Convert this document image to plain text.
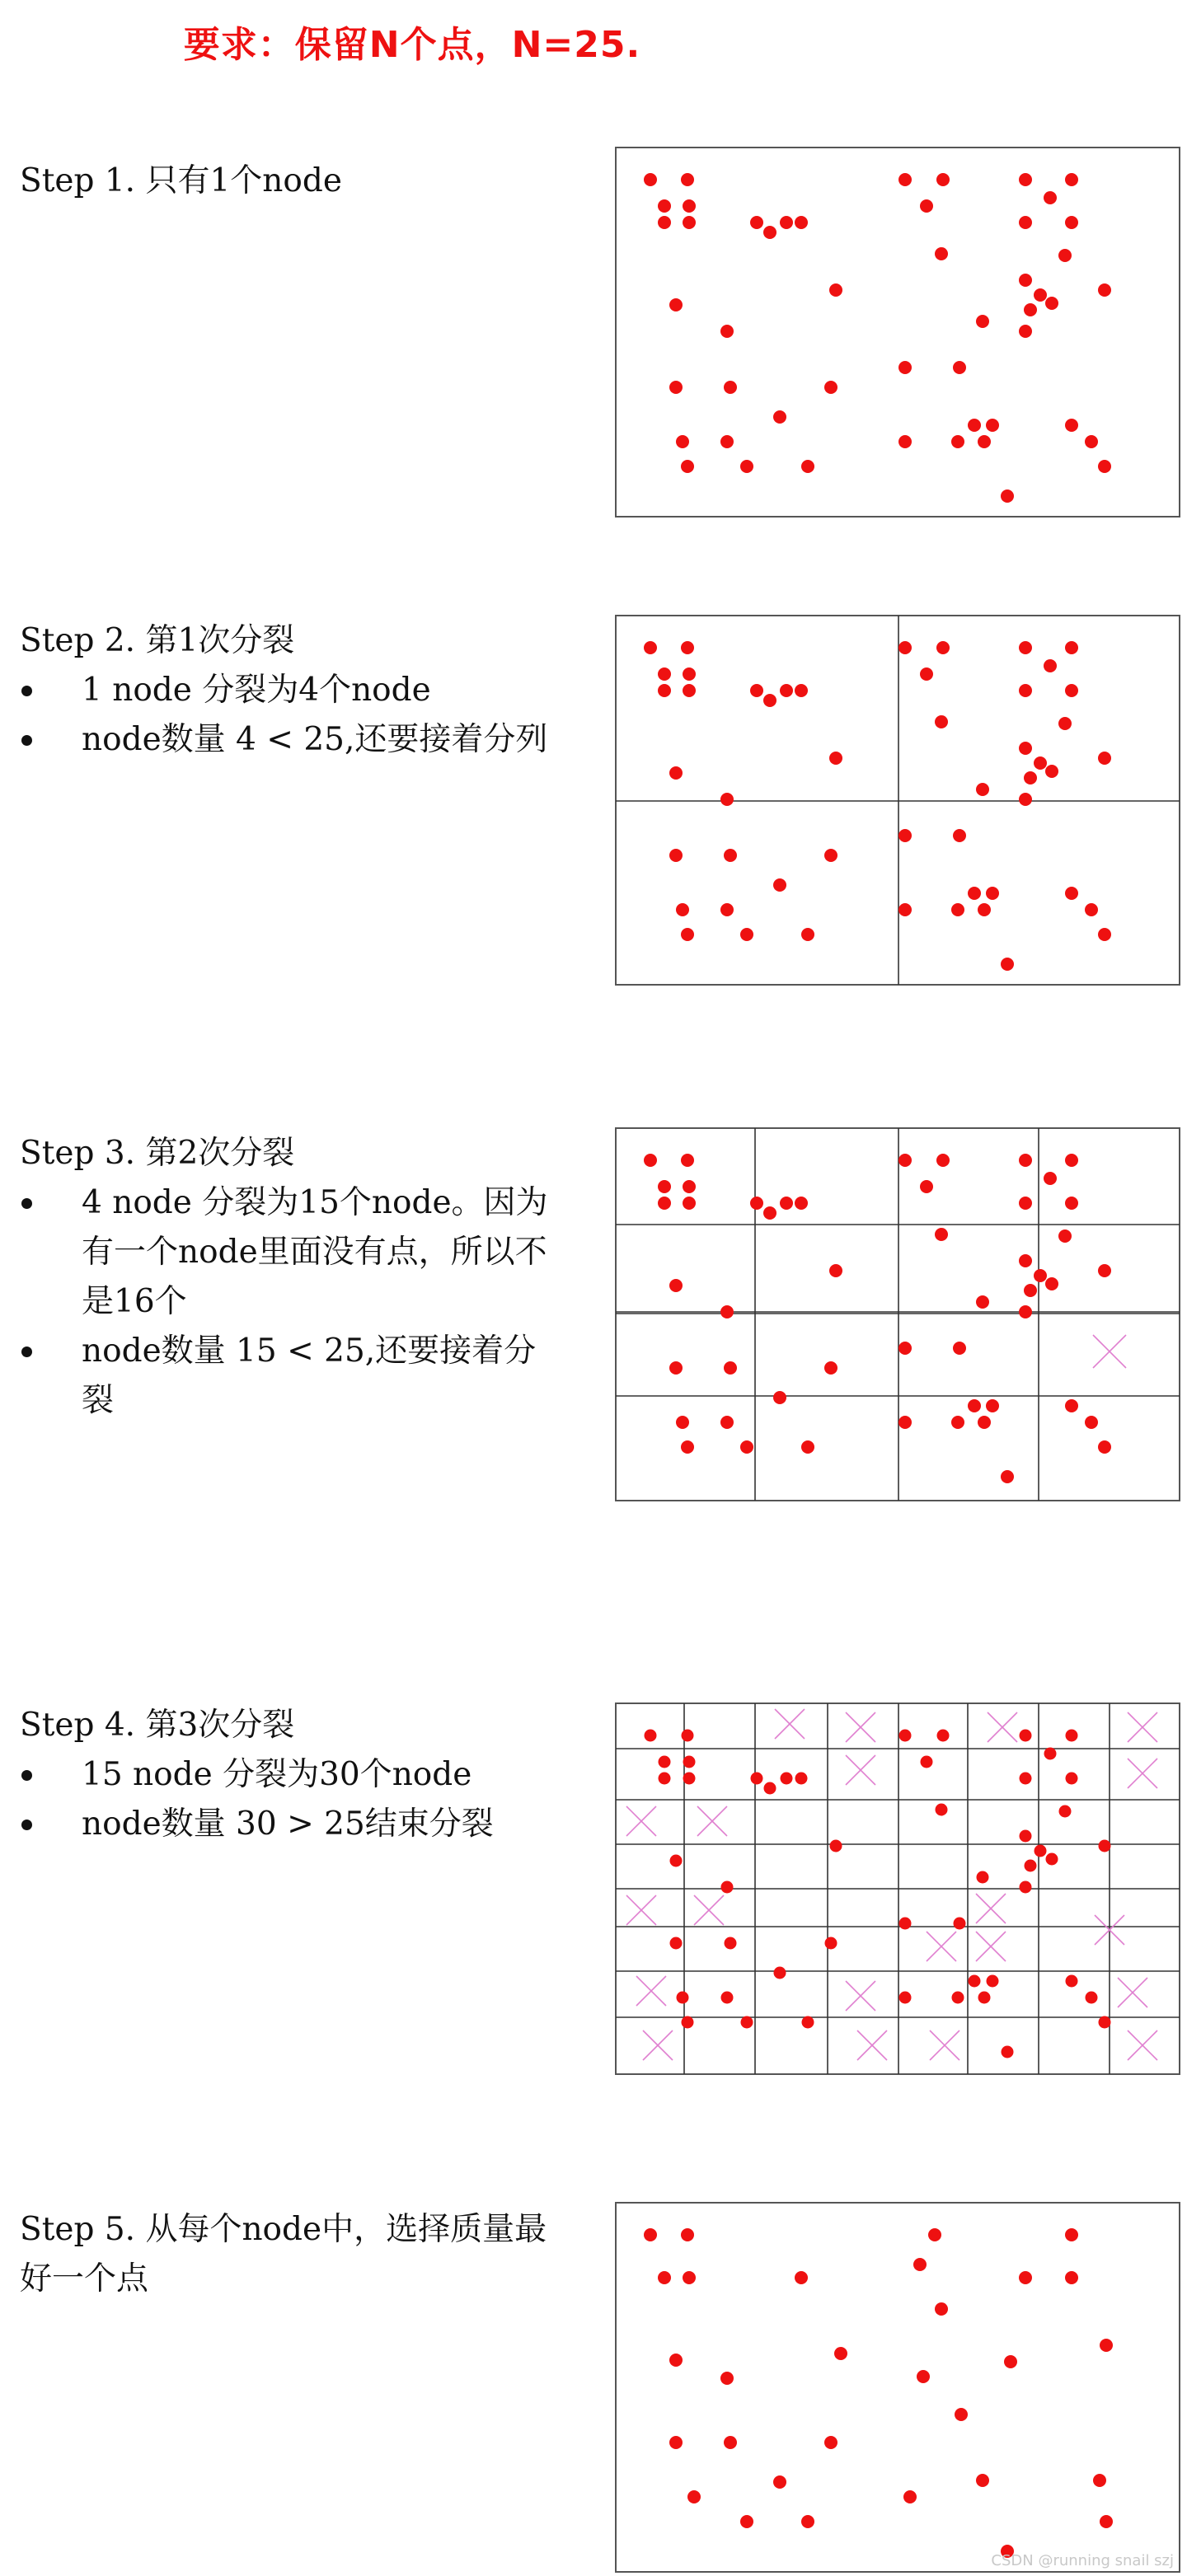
要求：保留N个点，N=25.
Step 1. 只有1个node
Step 2. 第1次分裂
1 node 分裂为4个node
node数量 4 < 25,还要接着分列
Step 3. 第2次分裂
4 node 分裂为15个node。因为有一个node里面没有点，所以不是16个
node数量 15 < 25,还要接着分裂
Step 4. 第3次分裂
15 node 分裂为30个node
node数量 30 > 25结束分裂
Step 5. 从每个node中，选择质量最好一个点
CSDN @running snail szj
